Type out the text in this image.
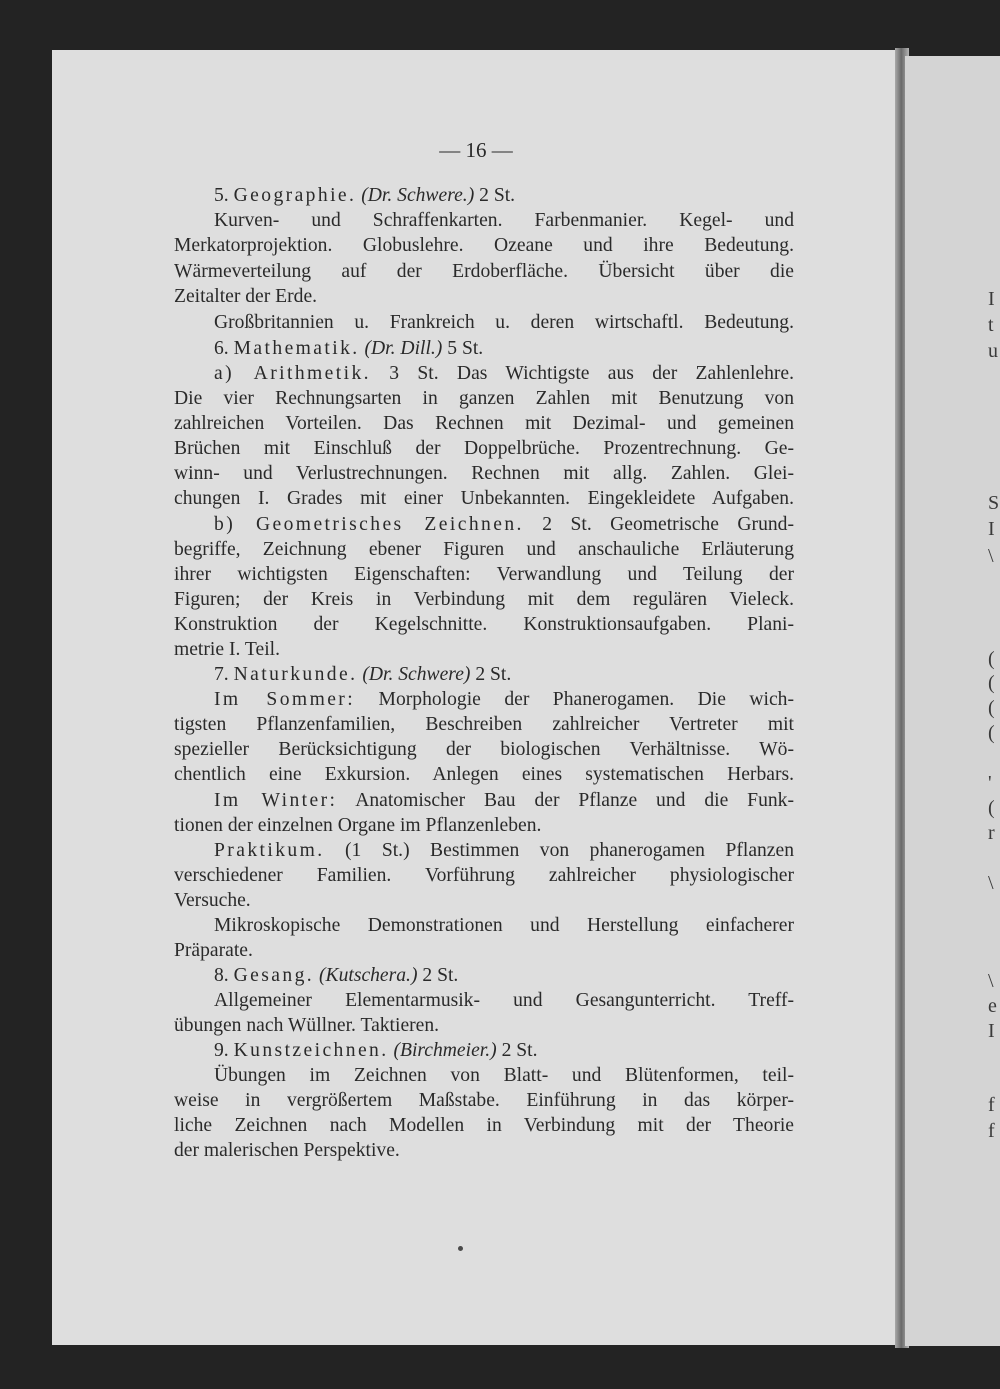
I
t
u
S
I
\
(
(
(
(
'
(
r
\
\
e
I
f
f
— 16 —
5. Geographie. (Dr. Schwere.) 2 St.
Kurven- und Schraffenkarten. Farbenmanier. Kegel- und
Merkatorprojektion. Globuslehre. Ozeane und ihre Bedeutung.
Wärmeverteilung auf der Erdoberfläche. Übersicht über die
Zeitalter der Erde.
Großbritannien u. Frankreich u. deren wirtschaftl. Bedeutung.
6. Mathematik. (Dr. Dill.) 5 St.
a) Arithmetik. 3 St. Das Wichtigste aus der Zahlenlehre.
Die vier Rechnungsarten in ganzen Zahlen mit Benutzung von
zahlreichen Vorteilen. Das Rechnen mit Dezimal- und gemeinen
Brüchen mit Einschluß der Doppelbrüche. Prozentrechnung. Ge-
winn- und Verlustrechnungen. Rechnen mit allg. Zahlen. Glei-
chungen I. Grades mit einer Unbekannten. Eingekleidete Aufgaben.
b) Geometrisches Zeichnen. 2 St. Geometrische Grund-
begriffe, Zeichnung ebener Figuren und anschauliche Erläuterung
ihrer wichtigsten Eigenschaften: Verwandlung und Teilung der
Figuren; der Kreis in Verbindung mit dem regulären Vieleck.
Konstruktion der Kegelschnitte. Konstruktionsaufgaben. Plani-
metrie I. Teil.
7. Naturkunde. (Dr. Schwere) 2 St.
Im Sommer: Morphologie der Phanerogamen. Die wich-
tigsten Pflanzenfamilien, Beschreiben zahlreicher Vertreter mit
spezieller Berücksichtigung der biologischen Verhältnisse. Wö-
chentlich eine Exkursion. Anlegen eines systematischen Herbars.
Im Winter: Anatomischer Bau der Pflanze und die Funk-
tionen der einzelnen Organe im Pflanzenleben.
Praktikum. (1 St.) Bestimmen von phanerogamen Pflanzen
verschiedener Familien. Vorführung zahlreicher physiologischer
Versuche.
Mikroskopische Demonstrationen und Herstellung einfacherer
Präparate.
8. Gesang. (Kutschera.) 2 St.
Allgemeiner Elementarmusik- und Gesangunterricht. Treff-
übungen nach Wüllner. Taktieren.
9. Kunstzeichnen. (Birchmeier.) 2 St.
Übungen im Zeichnen von Blatt- und Blütenformen, teil-
weise in vergrößertem Maßstabe. Einführung in das körper-
liche Zeichnen nach Modellen in Verbindung mit der Theorie
der malerischen Perspektive.
